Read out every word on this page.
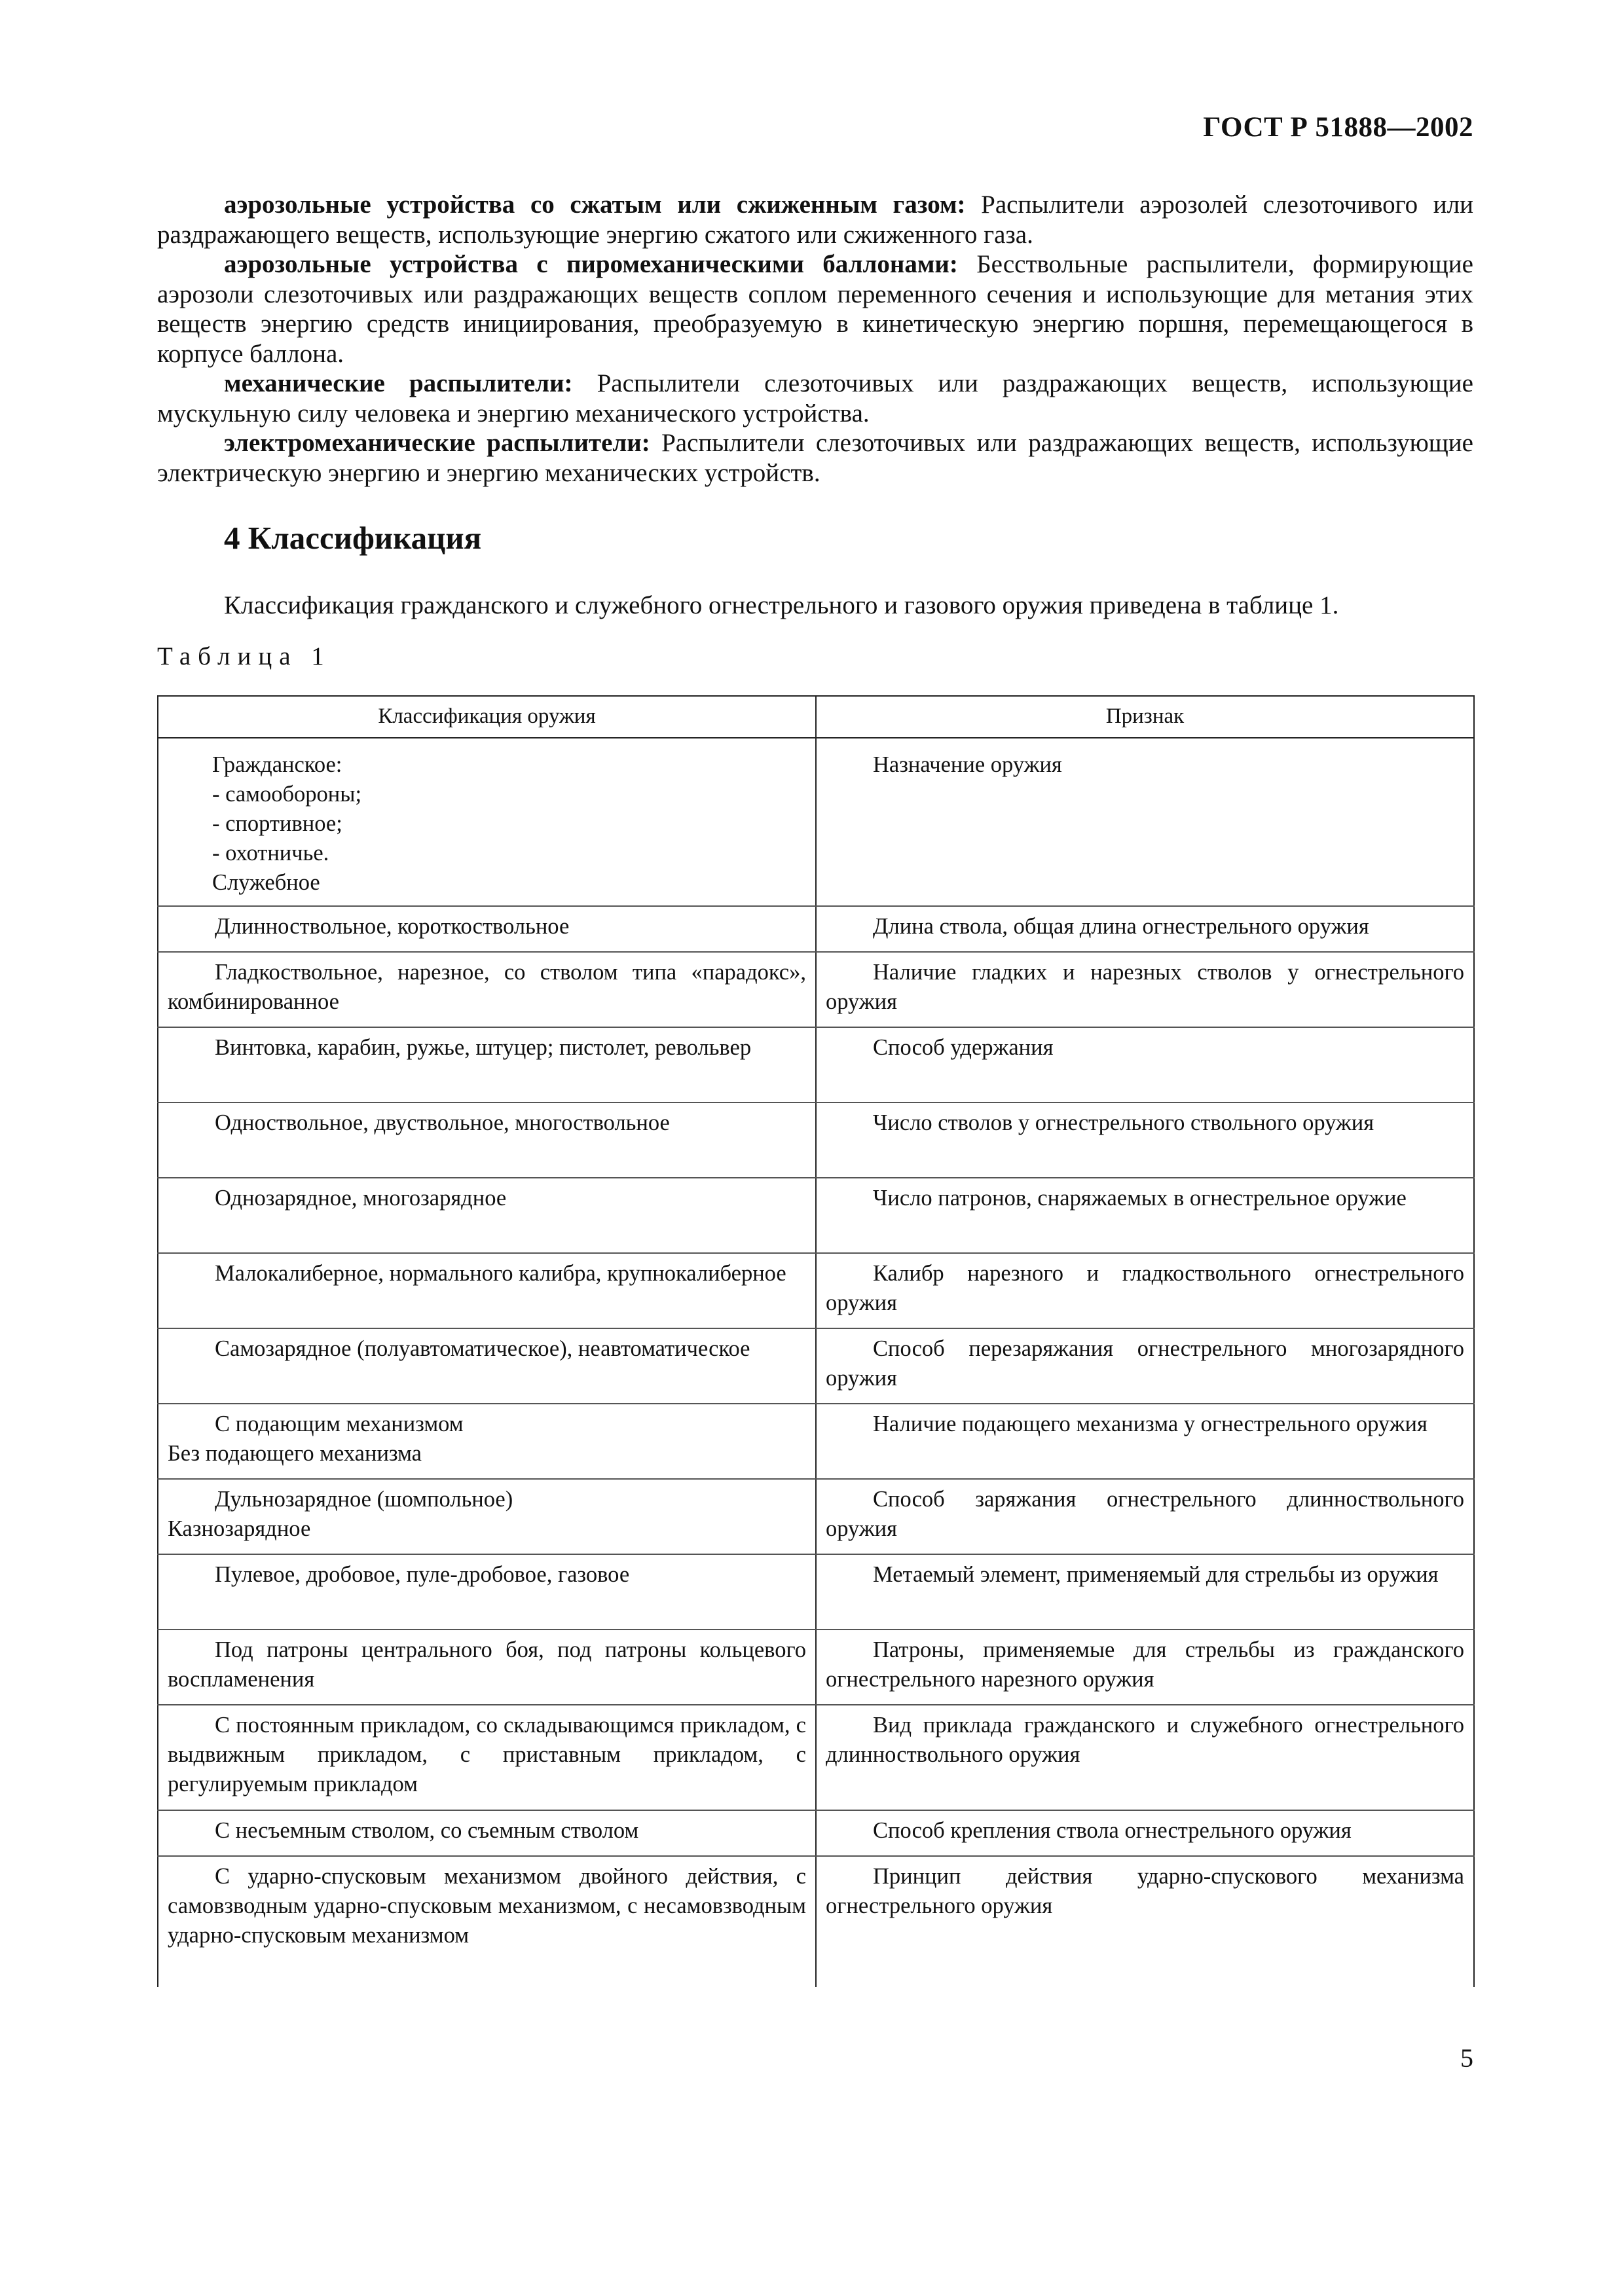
ГОСТ Р 51888—2002

аэрозольные устройства со сжатым или сжиженным газом: Распылители аэрозолей слезоточивого или раздражающего веществ, использующие энергию сжатого или сжиженного газа.

аэрозольные устройства с пиромеханическими баллонами: Бесствольные распылители, формирующие аэрозоли слезоточивых или раздражающих веществ соплом переменного сечения и использующие для метания этих веществ энергию средств инициирования, преобразуемую в кинетическую энергию поршня, перемещающегося в корпусе баллона.

механические распылители: Распылители слезоточивых или раздражающих веществ, использующие мускульную силу человека и энергию механического устройства.

электромеханические распылители: Распылители слезоточивых или раздражающих веществ, использующие электрическую энергию и энергию механических устройств.

4 Классификация

Классификация гражданского и служебного огнестрельного и газового оружия приведена в таблице 1.

Таблица 1
Классификация оружия	Признак
Гражданское:
- самообороны;
- спортивное;
- охотничье.
Служебное	Назначение оружия
Длинноствольное, короткоствольное	Длина ствола, общая длина огнестрельного оружия
Гладкоствольное, нарезное, со стволом типа «парадокс», комбинированное	Наличие гладких и нарезных стволов у огнестрельного оружия
Винтовка, карабин, ружье, штуцер; пистолет, револьвер	Способ удержания
Одноствольное, двуствольное, многоствольное	Число стволов у огнестрельного ствольного оружия
Однозарядное, многозарядное	Число патронов, снаряжаемых в огнестрельное оружие
Малокалиберное, нормального калибра, крупнокалиберное	Калибр нарезного и гладкоствольного огнестрельного оружия
Самозарядное (полуавтоматическое), неавтоматическое	Способ перезаряжания огнестрельного многозарядного оружия
С подающим механизмом
Без подающего механизма	Наличие подающего механизма у огнестрельного оружия
Дульнозарядное (шомпольное)
Казнозарядное	Способ заряжания огнестрельного длинноствольного оружия
Пулевое, дробовое, пуле-дробовое, газовое	Метаемый элемент, применяемый для стрельбы из оружия
Под патроны центрального боя, под патроны кольцевого воспламенения	Патроны, применяемые для стрельбы из гражданского огнестрельного нарезного оружия
С постоянным прикладом, со складывающимся прикладом, с выдвижным прикладом, с приставным прикладом, с регулируемым прикладом	Вид приклада гражданского и служебного огнестрельного длинноствольного оружия
С несъемным стволом, со съемным стволом	Способ крепления ствола огнестрельного оружия
С ударно-спусковым механизмом двойного действия, с самовзводным ударно-спусковым механизмом, с несамовзводным ударно-спусковым механизмом	Принцип действия ударно-спускового механизма огнестрельного оружия
5
